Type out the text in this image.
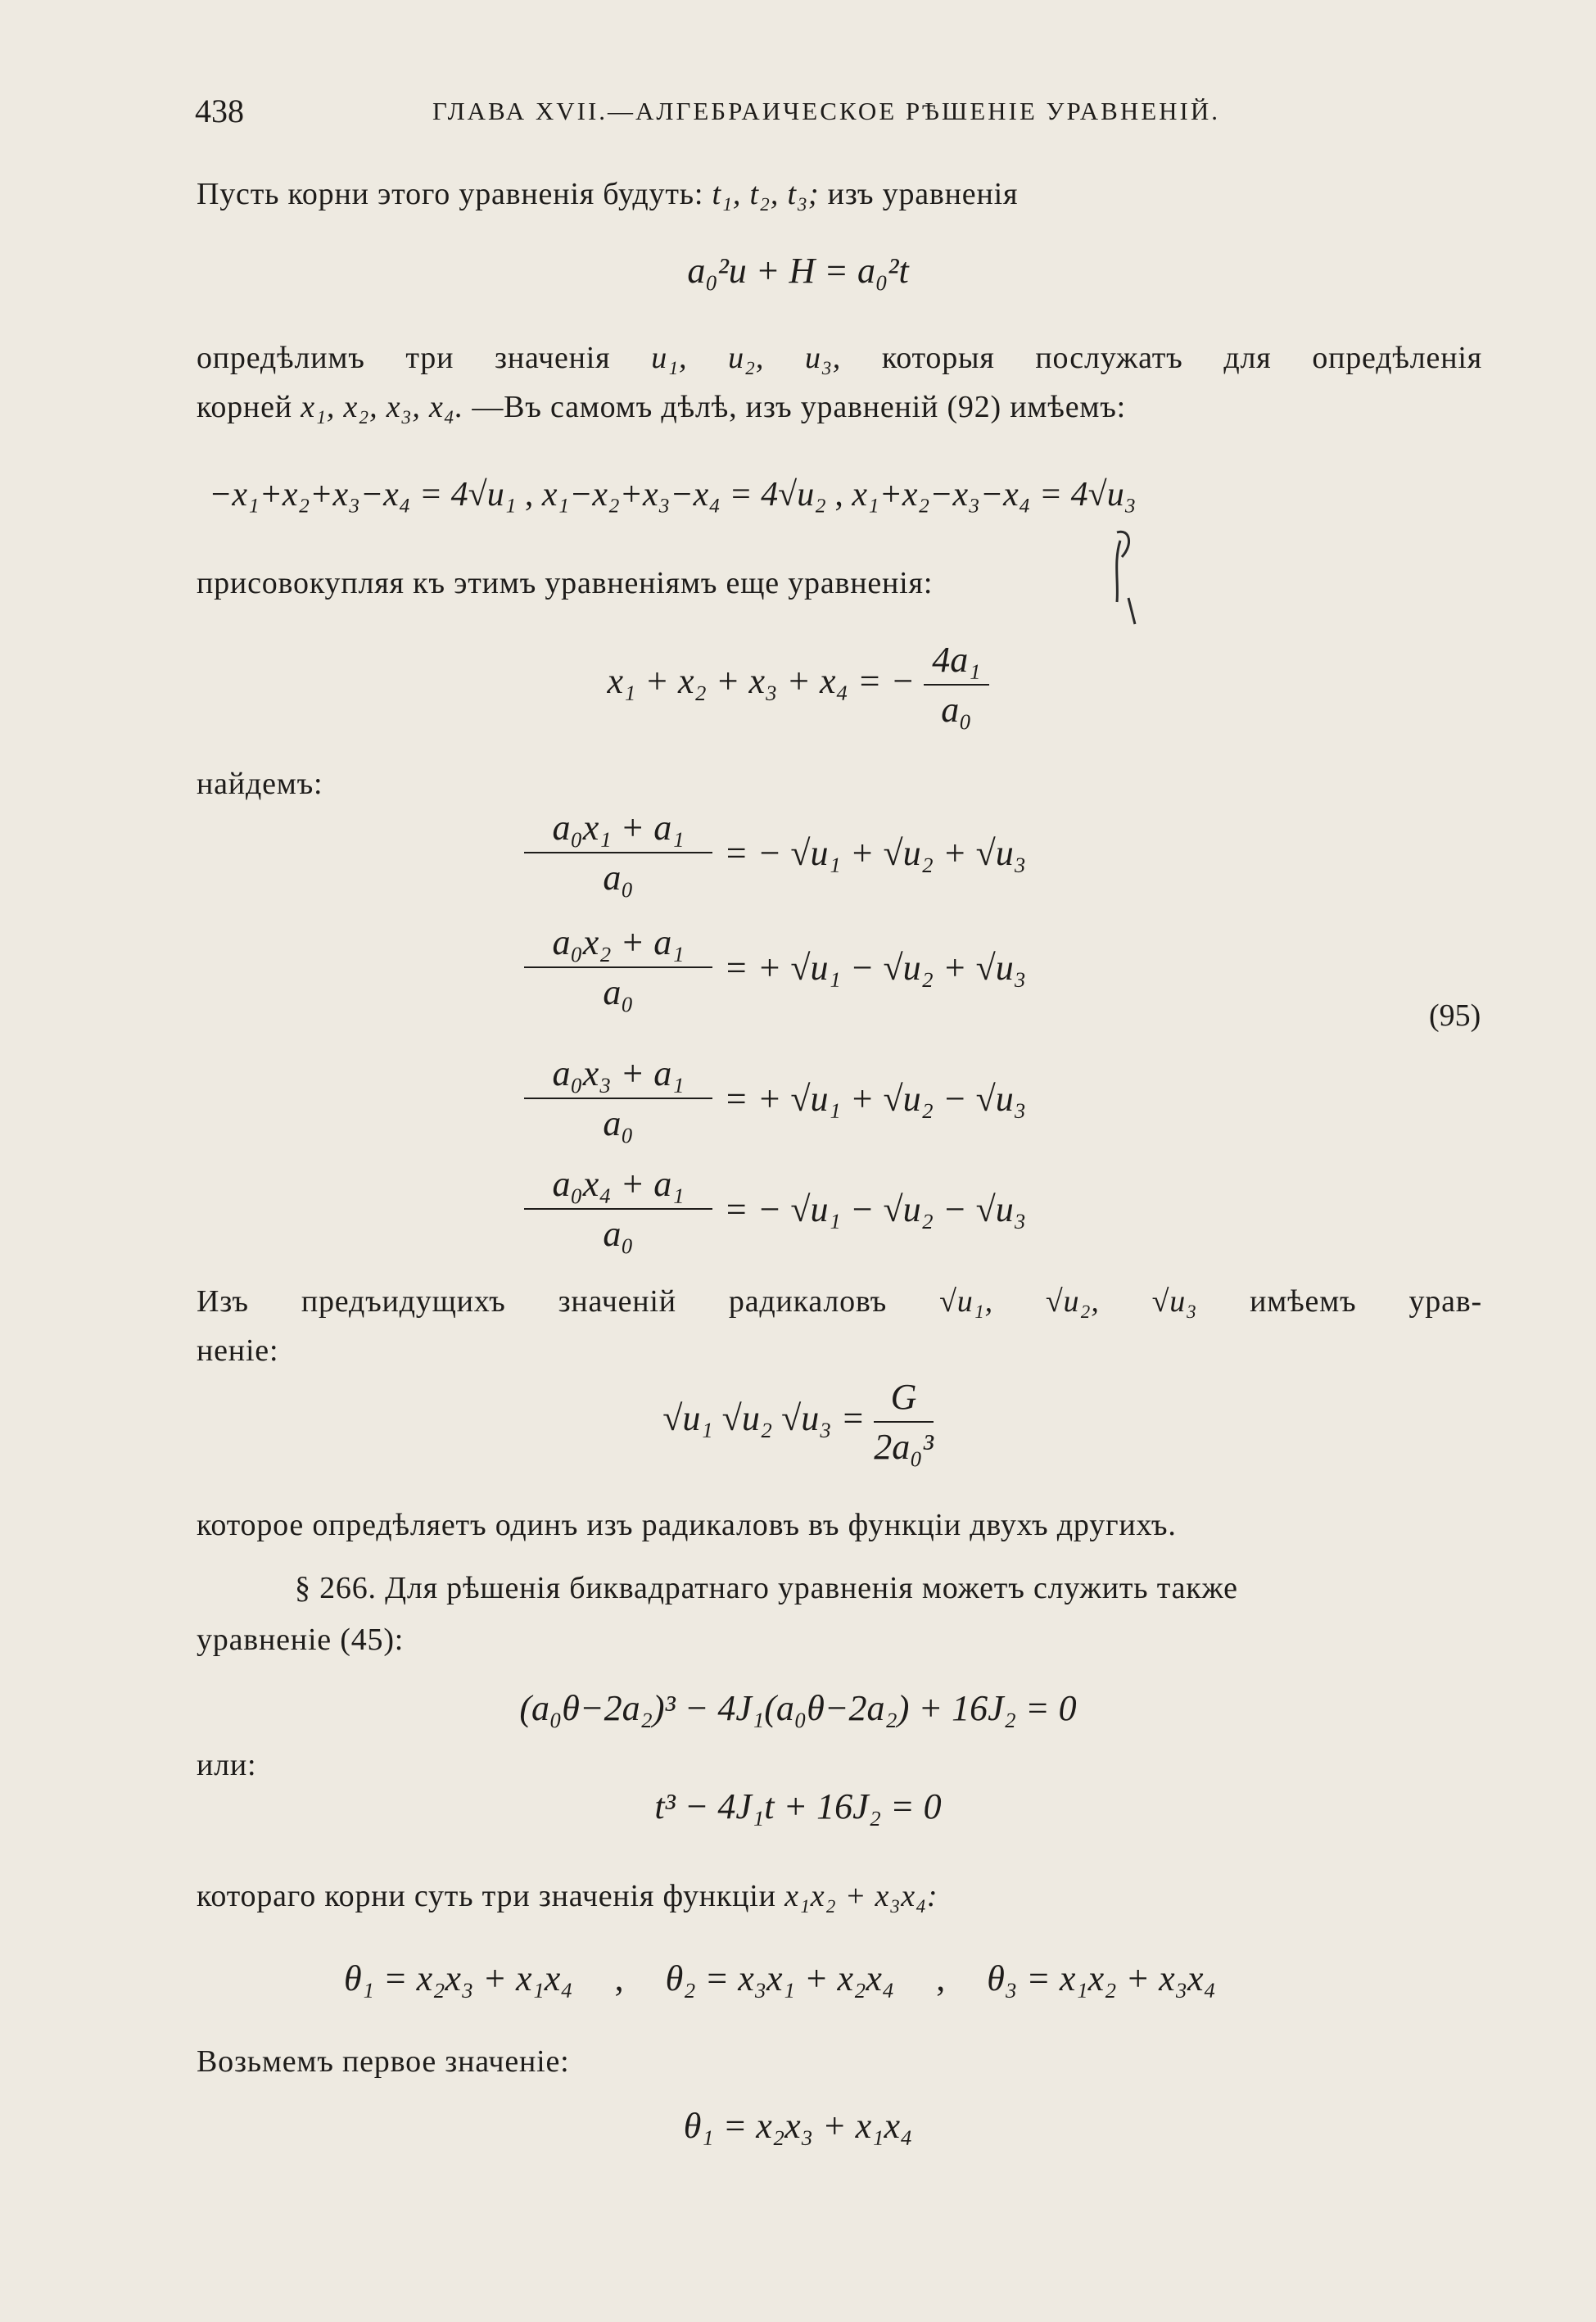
438	ГЛАВА XVII.—АЛГЕБРАИЧЕСКОЕ РѢШЕНІЕ УРАВНЕНІЙ.

Пусть корни этого уравненія будуть: t₁, t₂, t₃; изъ уравненія

a₀²u + H = a₀²t

опредѣлимъ три значенія u₁, u₂, u₃, которыя послужатъ для опредѣленія

корней x₁, x₂, x₃, x₄. —Въ самомъ дѣлѣ, изъ уравненій (92) имѣемъ:

−x₁+x₂+x₃−x₄ = 4√u₁ , x₁−x₂+x₃−x₄ = 4√u₂ , x₁+x₂−x₃−x₄ = 4√u₃

присовокупляя къ этимъ уравненіямъ еще уравненія:

x₁ + x₂ + x₃ + x₄ = − $\frac{\text{4a₁}}{\text{a₀}}$

найдемъ:

$\frac{\text{a₀x₁ + a₁}}{\text{a₀}}$ = − √u₁ + √u₂ + √u₃
$\frac{\text{a₀x₂ + a₁}}{\text{a₀}}$ = + √u₁ − √u₂ + √u₃
$\frac{\text{a₀x₃ + a₁}}{\text{a₀}}$ = + √u₁ + √u₂ − √u₃
$\frac{\text{a₀x₄ + a₁}}{\text{a₀}}$ = − √u₁ − √u₂ − √u₃
(95)

Изъ предъидущихъ значеній радикаловъ √u₁, √u₂, √u₃ имѣемъ урав-

неніе:

√u₁ √u₂ $√u_3 = \frac{G}{\text{2a₀³}}$

которое опредѣляетъ одинъ изъ радикаловъ въ функціи двухъ другихъ.

§ 266. Для рѣшенія биквадратнаго уравненія можетъ служить также

уравненіе (45):

(a₀θ−2a₂)³ − 4J₁(a₀θ−2a₂) + 16J₂ = 0

или:

t³ − 4J₁t + 16J₂ = 0

котораго корни суть три значенія функціи x₁x₂ + x₃x₄:

θ₁ = x₂x₃ + x₁x₄ , θ₂ = x₃x₁ + x₂x₄ , θ₃ = x₁x₂ + x₃x₄

Возьмемъ первое значеніе:

θ₁ = x₂x₃ + x₁x₄
